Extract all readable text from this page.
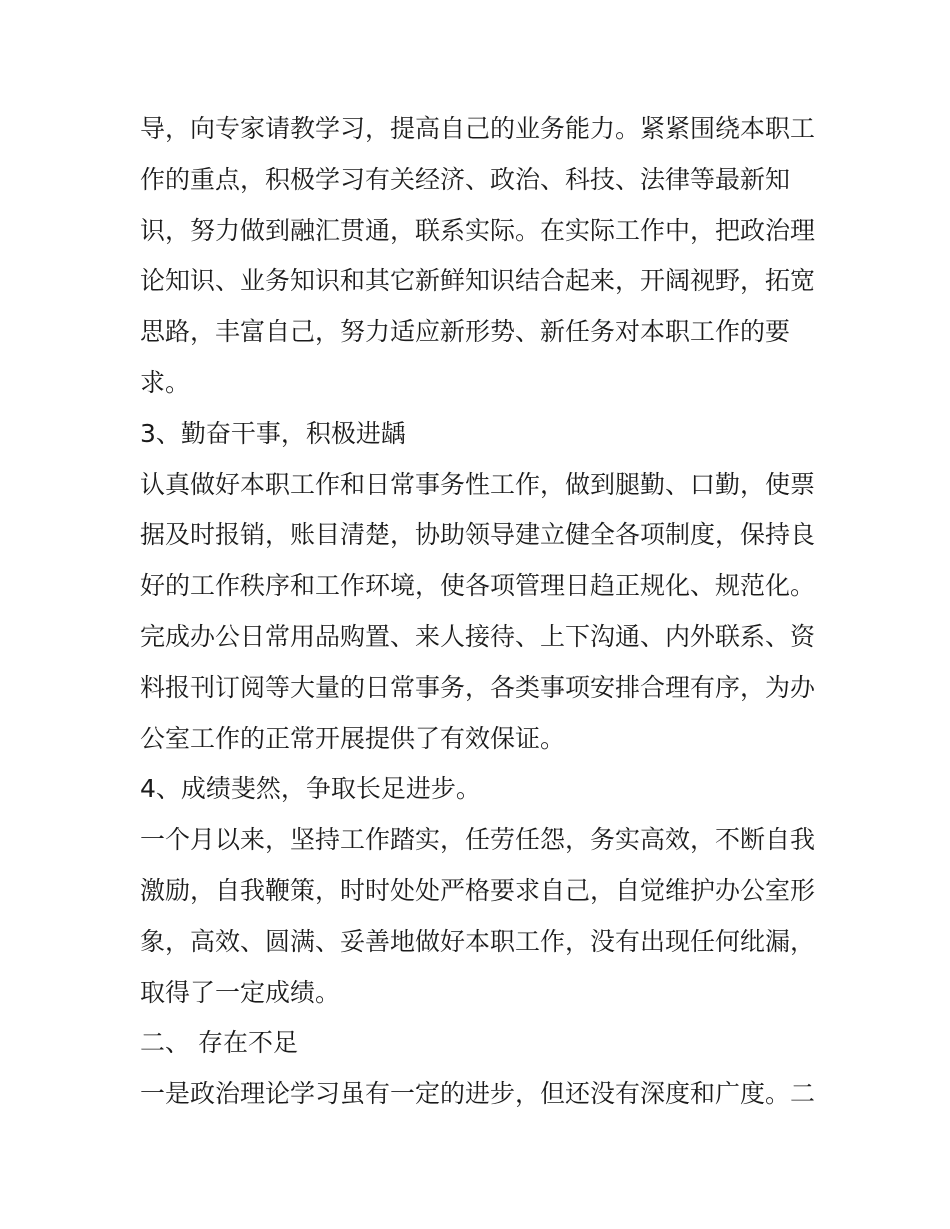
导，向专家请教学习，提高自己的业务能力。紧紧围绕本职工
作的重点，积极学习有关经济、政治、科技、法律等最新知
识，努力做到融汇贯通，联系实际。在实际工作中，把政治理
论知识、业务知识和其它新鲜知识结合起来，开阔视野，拓宽
思路，丰富自己，努力适应新形势、新任务对本职工作的要
求。
3、勤奋干事，积极进龋
认真做好本职工作和日常事务性工作，做到腿勤、口勤，使票
据及时报销，账目清楚，协助领导建立健全各项制度，保持良
好的工作秩序和工作环境，使各项管理日趋正规化、规范化。
完成办公日常用品购置、来人接待、上下沟通、内外联系、资
料报刊订阅等大量的日常事务，各类事项安排合理有序，为办
公室工作的正常开展提供了有效保证。
4、成绩斐然，争取长足进步。
一个月以来，坚持工作踏实，任劳任怨，务实高效，不断自我
激励，自我鞭策，时时处处严格要求自己，自觉维护办公室形
象，高效、圆满、妥善地做好本职工作，没有出现任何纰漏，
取得了一定成绩。
二、 存在不足
一是政治理论学习虽有一定的进步，但还没有深度和广度。二
